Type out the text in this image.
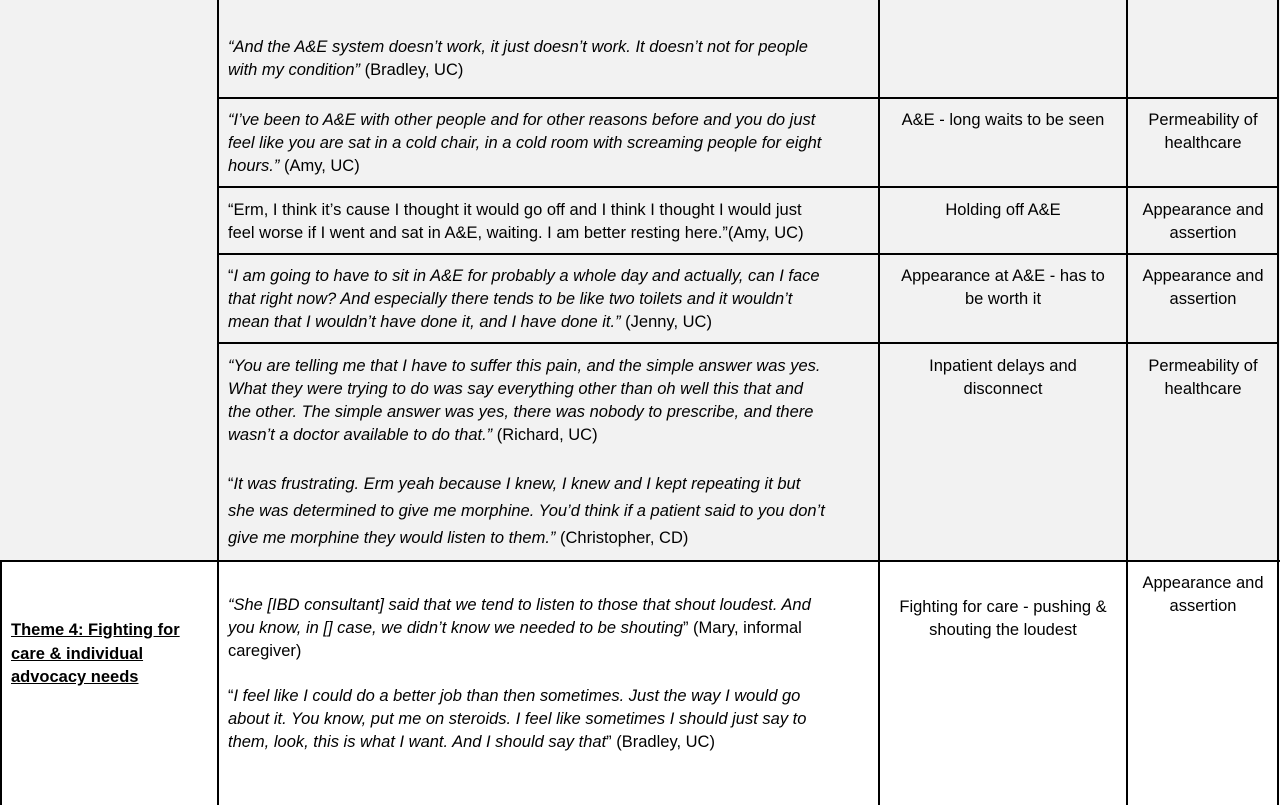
“And the A&E system doesn’t work, it just doesn’t work. It doesn’t not for people
with my condition” (Bradley, UC)
“I’ve been to A&E with other people and for other reasons before and you do just
feel like you are sat in a cold chair, in a cold room with screaming people for eight
hours.” (Amy, UC)
A&E - long waits to be seen	Permeability of healthcare
“Erm, I think it’s cause I thought it would go off and I think I thought I would just
feel worse if I went and sat in A&E, waiting. I am better resting here.”(Amy, UC)
Holding off A&E	Appearance and assertion
“I am going to have to sit in A&E for probably a whole day and actually, can I face
that right now? And especially there tends to be like two toilets and it wouldn’t
mean that I wouldn’t have done it, and I have done it.” (Jenny, UC)
Appearance at A&E - has to be worth it
Appearance and assertion
“You are telling me that I have to suffer this pain, and the simple answer was yes.
What they were trying to do was say everything other than oh well this that and
the other. The simple answer was yes, there was nobody to prescribe, and there
wasn’t a doctor available to do that.” (Richard, UC)
“It was frustrating. Erm yeah because I knew, I knew and I kept repeating it but
she was determined to give me morphine. You’d think if a patient said to you don’t
give me morphine they would listen to them.” (Christopher, CD)
Inpatient delays and disconnect
Permeability of healthcare
Theme 4: Fighting for
care & individual
advocacy needs
“She [IBD consultant] said that we tend to listen to those that shout loudest. And
you know, in [] case, we didn’t know we needed to be shouting” (Mary, informal
caregiver)
“I feel like I could do a better job than then sometimes. Just the way I would go
about it. You know, put me on steroids. I feel like sometimes I should just say to
them, look, this is what I want. And I should say that” (Bradley, UC)
Fighting for care - pushing & shouting the loudest
Appearance and assertion
